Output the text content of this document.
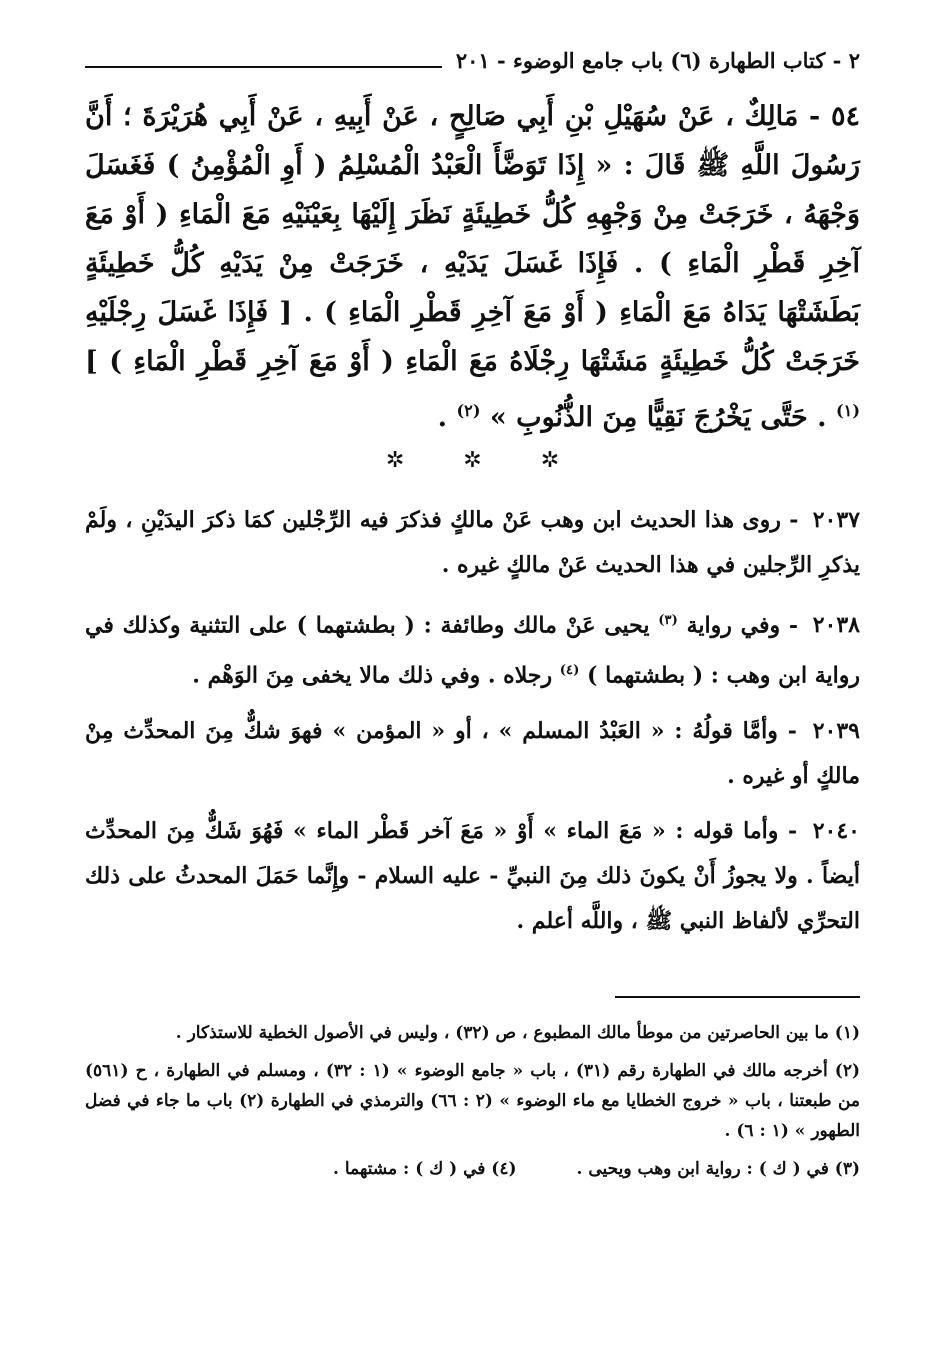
٢ - كتاب الطهارة (٦) باب جامع الوضوء - ٢٠١

٥٤ - مَالِكٌ ، عَنْ سُهَيْلِ بْنِ أَبِي صَالِحٍ ، عَنْ أَبِيهِ ، عَنْ أَبِي هُرَيْرَةَ ؛ أَنَّ رَسُولَ اللَّهِ ﷺ قَالَ : « إِذَا تَوَضَّأَ الْعَبْدُ الْمُسْلِمُ ( أَوِ الْمُؤْمِنُ ) فَغَسَلَ وَجْهَهُ ، خَرَجَتْ مِنْ وَجْهِهِ كُلُّ خَطِيئَةٍ نَظَرَ إِلَيْهَا بِعَيْنَيْهِ مَعَ الْمَاءِ ( أَوْ مَعَ آخِرِ قَطْرِ الْمَاءِ ) . فَإِذَا غَسَلَ يَدَيْهِ ، خَرَجَتْ مِنْ يَدَيْهِ كُلُّ خَطِيئَةٍ بَطَشَتْهَا يَدَاهُ مَعَ الْمَاءِ ( أَوْ مَعَ آخِرِ قَطْرِ الْمَاءِ ) . [ فَإِذَا غَسَلَ رِجْلَيْهِ خَرَجَتْ كُلُّ خَطِيئَةٍ مَشَتْهَا رِجْلَاهُ مَعَ الْمَاءِ ( أَوْ مَعَ آخِرِ قَطْرِ الْمَاءِ ) ] $^{(١)}$ . حَتَّى يَخْرُجَ نَقِيًّا مِنَ الذُّنُوبِ » $^{(٢)}$ .

✲ ✲ ✲

٢٠٣٧ - روى هذا الحديث ابن وهب عَنْ مالكٍ فذكرَ فيه الرِّجْلين كمَا ذكرَ اليدَيْنِ ، ولَمْ يذكرِ الرِّجلين في هذا الحديث عَنْ مالكٍ غيره .

٢٠٣٨ - وفي رواية $^{(٣)}$ يحيى عَنْ مالك وطائفة : ( بطشتهما ) على التثنية وكذلك في رواية ابن وهب : ( بطشتهما ) $^{(٤)}$ رجلاه . وفي ذلك مالا يخفى مِنَ الوَهْم .

٢٠٣٩ - وأمَّا قولُهُ : « العَبْدُ المسلم » ، أو « المؤمن » فهوَ شكٌّ مِنَ المحدِّث مِنْ مالكٍ أو غيره .

٢٠٤٠ - وأما قوله : « مَعَ الماء » أَوْ « مَعَ آخر قَطْر الماء » فَهُوَ شَكٌّ مِنَ المحدِّث أيضاً . ولا يجوزُ أَنْ يكونَ ذلك مِنَ النبيِّ - عليه السلام - وإِنَّما حَمَلَ المحدثُ على ذلك التحرِّي لألفاظ النبي ﷺ ، واللَّه أعلم .

(١) ما بين الحاصرتين من موطأ مالك المطبوع ، ص (٣٢) ، وليس في الأصول الخطية للاستذكار .

(٢) أخرجه مالك في الطهارة رقم (٣١) ، باب « جامع الوضوء » (١ : ٣٢) ، ومسلم في الطهارة ، ح (٥٦١) من طبعتنا ، باب « خروج الخطايا مع ماء الوضوء » (٢ : ٦٦) والترمذي في الطهارة (٢) باب ما جاء في فضل الطهور » (١ : ٦) .

(٣) في ( ك ) : رواية ابن وهب ويحيى .
(٤) في ( ك ) : مشتهما .
